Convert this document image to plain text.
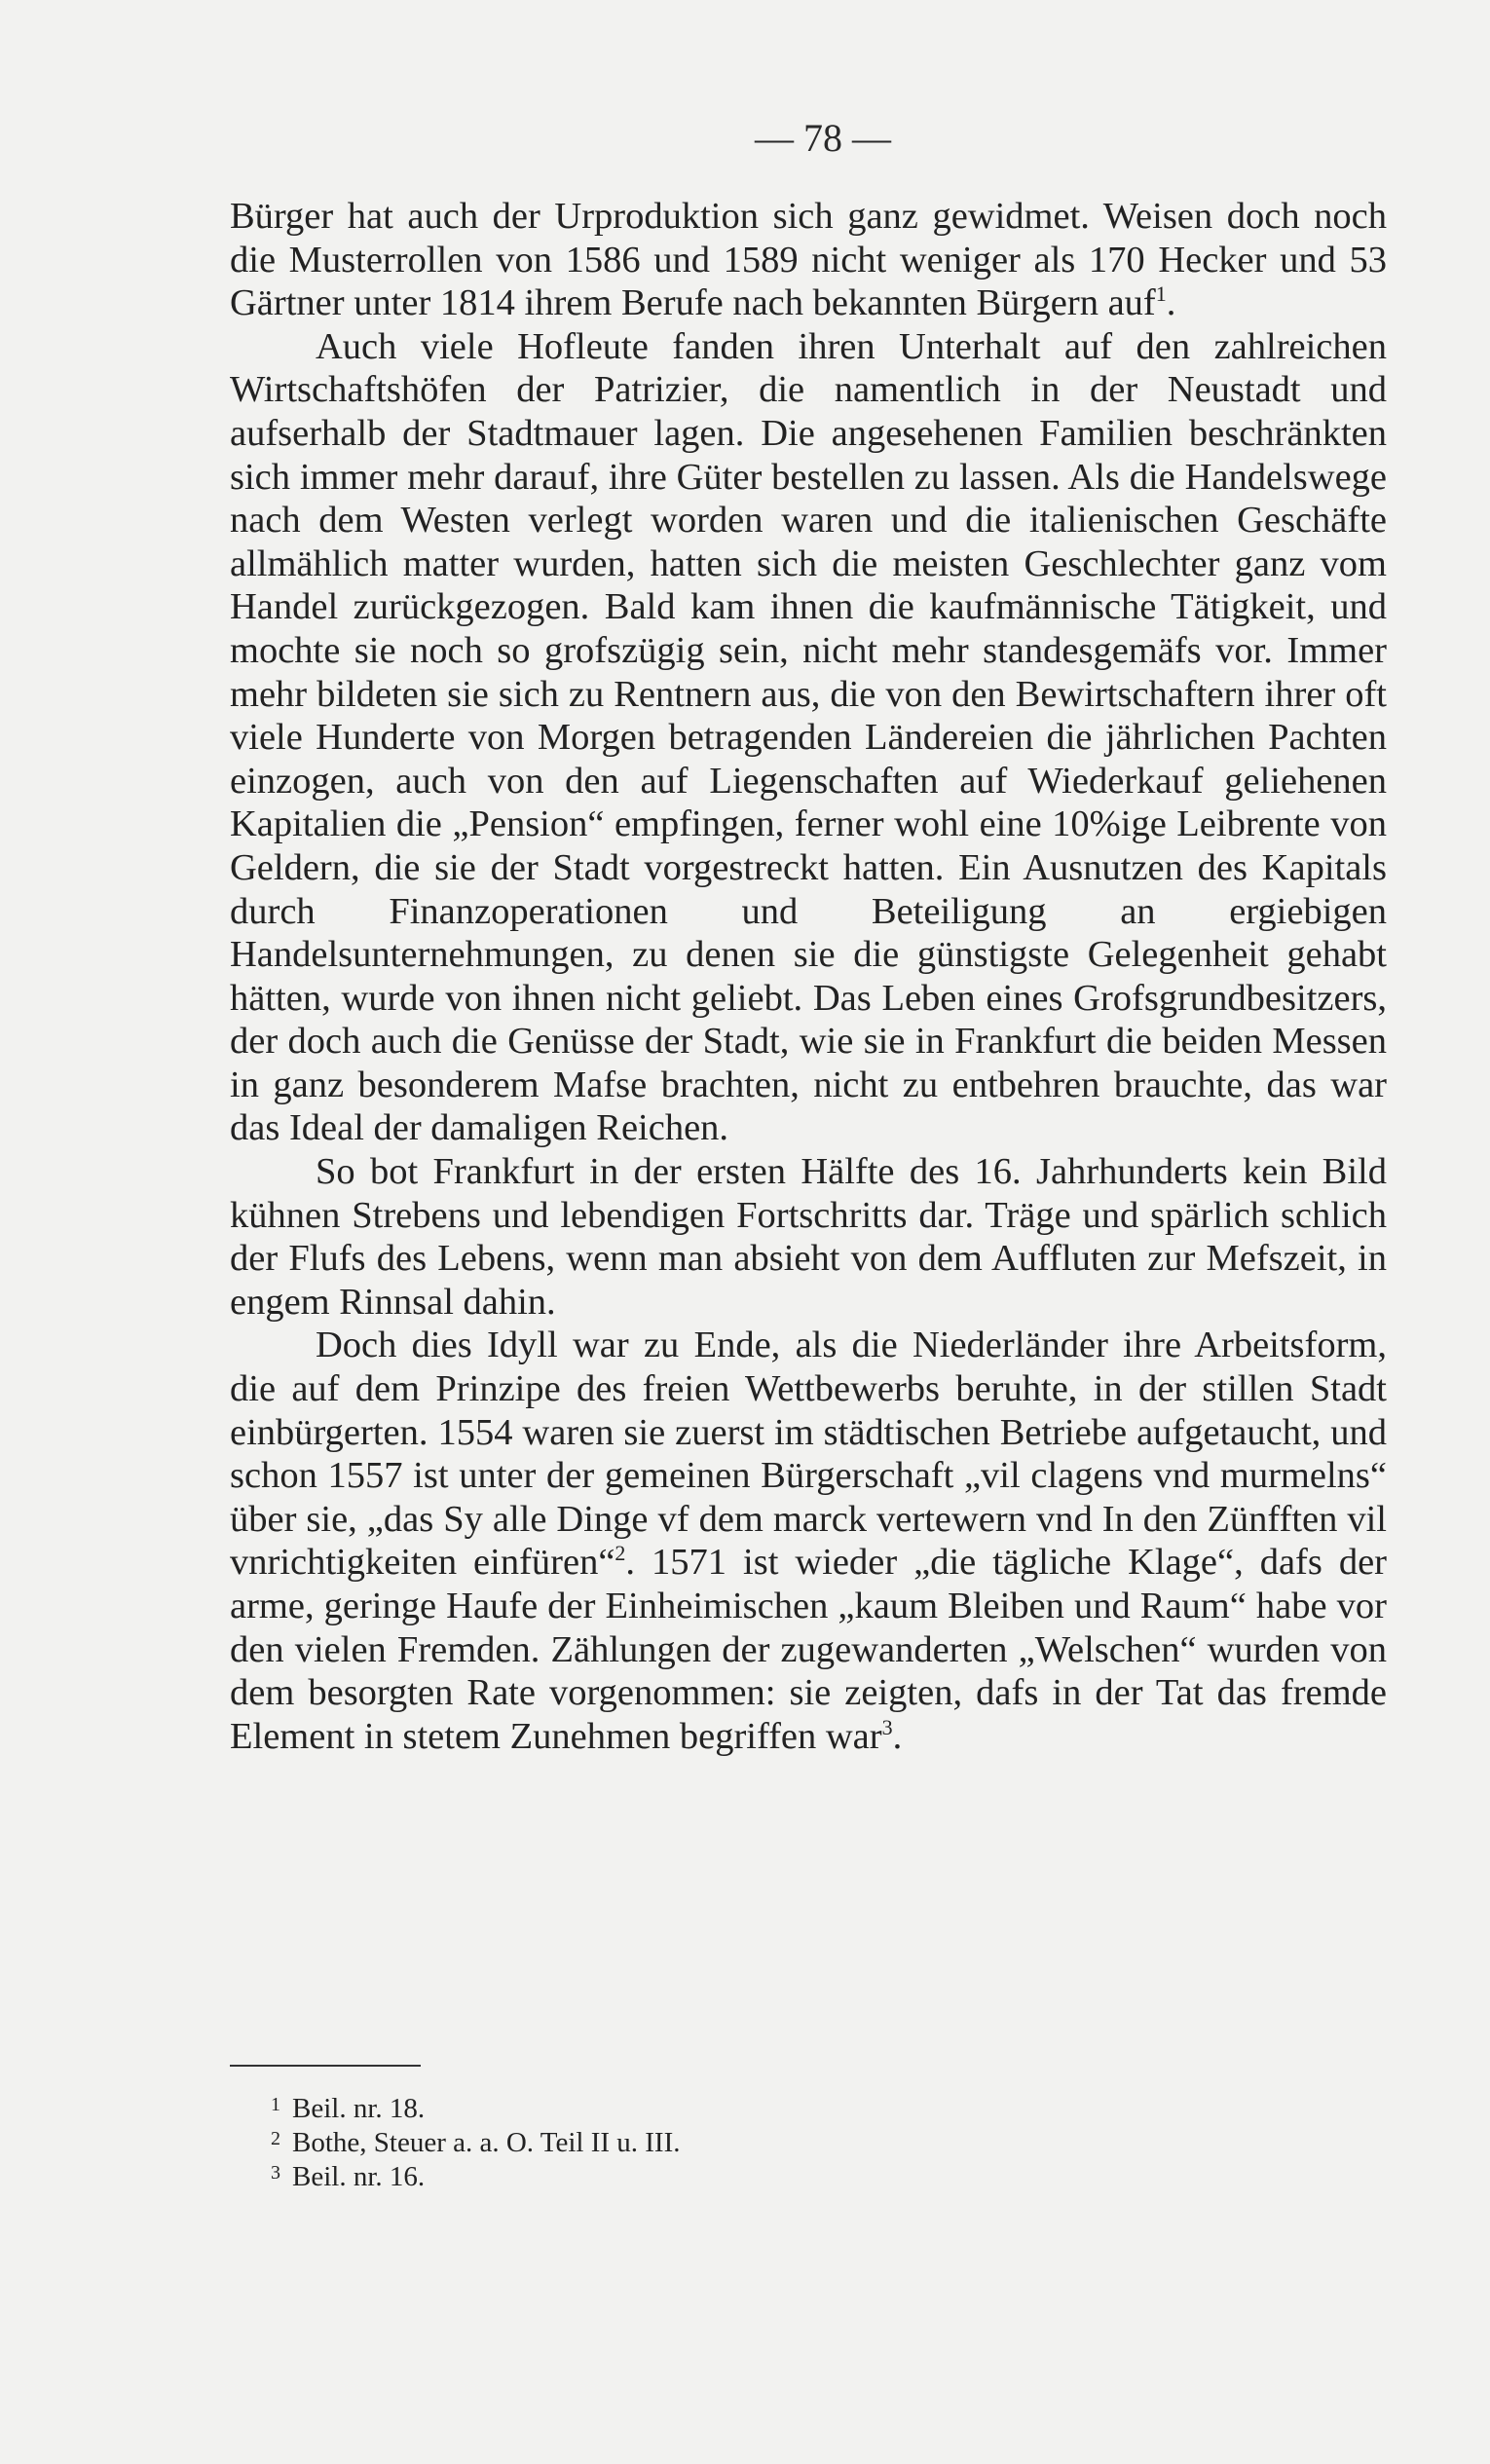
— 78 —

Bürger hat auch der Urproduktion sich ganz gewidmet. Weisen doch noch die Musterrollen von 1586 und 1589 nicht weniger als 170 Hecker und 53 Gärtner unter 1814 ihrem Berufe nach bekannten Bürgern auf$^1$.

Auch viele Hofleute fanden ihren Unterhalt auf den zahlreichen Wirtschaftshöfen der Patrizier, die namentlich in der Neustadt und aufserhalb der Stadtmauer lagen. Die angesehenen Familien beschränkten sich immer mehr darauf, ihre Güter bestellen zu lassen. Als die Handelswege nach dem Westen verlegt worden waren und die italienischen Geschäfte allmählich matter wurden, hatten sich die meisten Geschlechter ganz vom Handel zurückgezogen. Bald kam ihnen die kaufmännische Tätigkeit, und mochte sie noch so grofszügig sein, nicht mehr standesgemäfs vor. Immer mehr bildeten sie sich zu Rentnern aus, die von den Bewirtschaftern ihrer oft viele Hunderte von Morgen betragenden Ländereien die jährlichen Pachten einzogen, auch von den auf Liegenschaften auf Wiederkauf geliehenen Kapitalien die „Pension“ empfingen, ferner wohl eine 10%ige Leibrente von Geldern, die sie der Stadt vorgestreckt hatten. Ein Ausnutzen des Kapitals durch Finanzoperationen und Beteiligung an ergiebigen Handelsunternehmungen, zu denen sie die günstigste Gelegenheit gehabt hätten, wurde von ihnen nicht geliebt. Das Leben eines Grofsgrundbesitzers, der doch auch die Genüsse der Stadt, wie sie in Frankfurt die beiden Messen in ganz besonderem Mafse brachten, nicht zu entbehren brauchte, das war das Ideal der damaligen Reichen.

So bot Frankfurt in der ersten Hälfte des 16. Jahrhunderts kein Bild kühnen Strebens und lebendigen Fortschritts dar. Träge und spärlich schlich der Flufs des Lebens, wenn man absieht von dem Auffluten zur Mefszeit, in engem Rinnsal dahin.

Doch dies Idyll war zu Ende, als die Niederländer ihre Arbeitsform, die auf dem Prinzipe des freien Wettbewerbs beruhte, in der stillen Stadt einbürgerten. 1554 waren sie zuerst im städtischen Betriebe aufgetaucht, und schon 1557 ist unter der gemeinen Bürgerschaft „vil clagens vnd murmelns“ über sie, „das Sy alle Dinge vf dem marck vertewern vnd In den Zünfften vil vnrichtigkeiten einfüren“$^2$. 1571 ist wieder „die tägliche Klage“, dafs der arme, geringe Haufe der Einheimischen „kaum Bleiben und Raum“ habe vor den vielen Fremden. Zählungen der zugewanderten „Welschen“ wurden von dem besorgten Rate vorgenommen: sie zeigten, dafs in der Tat das fremde Element in stetem Zunehmen begriffen war$^3$.

1 Beil. nr. 18.
2 Bothe, Steuer a. a. O. Teil II u. III.
3 Beil. nr. 16.
